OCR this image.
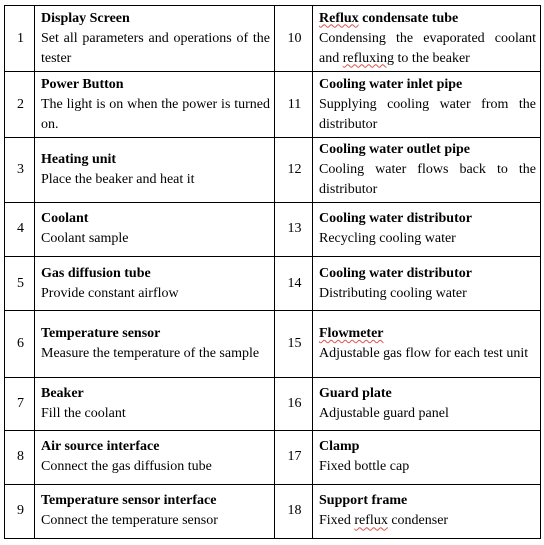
1	Display Screen
Set all parameters and operations of the tester	10	Reflux condensate tube
Condensing the evaporated coolant and refluxing to the beaker

2	Power Button
The light is on when the power is turned on.	11	Cooling water inlet pipe
Supplying cooling water from the distributor

3	Heating unit
Place the beaker and heat it	12	Cooling water outlet pipe
Cooling water flows back to the distributor

4	Coolant
Coolant sample	13	Cooling water distributor
Recycling cooling water

5	Gas diffusion tube
Provide constant airflow	14	Cooling water distributor
Distributing cooling water

6	Temperature sensor
Measure the temperature of the sample	15	Flowmeter
Adjustable gas flow for each test unit

7	Beaker
Fill the coolant	16	Guard plate
Adjustable guard panel

8	Air source interface
Connect the gas diffusion tube	17	Clamp
Fixed bottle cap

9	Temperature sensor interface
Connect the temperature sensor	18	Support frame
Fixed reflux condenser
